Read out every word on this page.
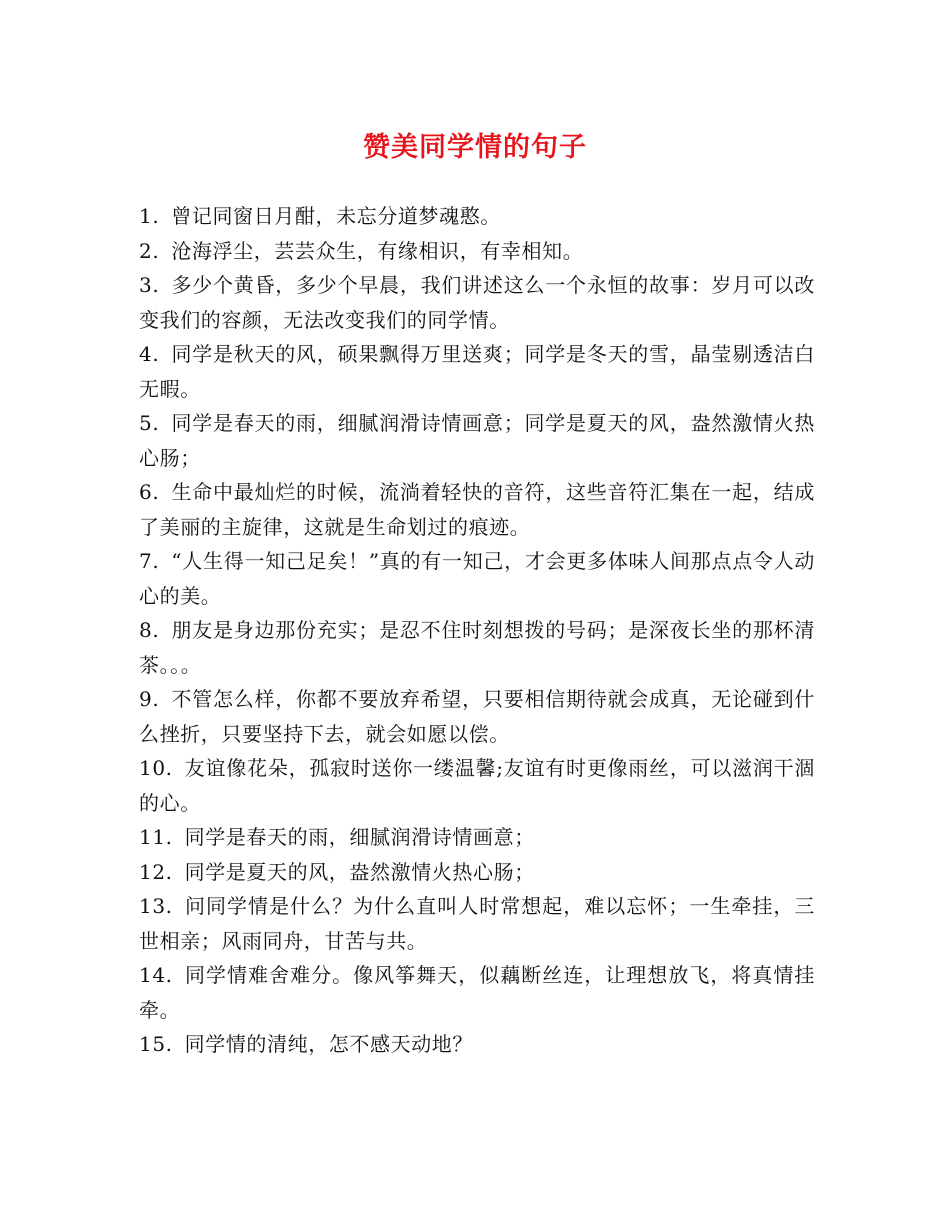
赞美同学情的句子

1. 曾记同窗日月酣，未忘分道梦魂憨。

2. 沧海浮尘，芸芸众生，有缘相识，有幸相知。

3. 多少个黄昏，多少个早晨，我们讲述这么一个永恒的故事：岁月可以改变我们的容颜，无法改变我们的同学情。

4. 同学是秋天的风，硕果飘得万里送爽；同学是冬天的雪，晶莹剔透洁白无暇。

5. 同学是春天的雨，细腻润滑诗情画意；同学是夏天的风，盎然激情火热心肠；

6. 生命中最灿烂的时候，流淌着轻快的音符，这些音符汇集在一起，结成了美丽的主旋律，这就是生命划过的痕迹。

7. “人生得一知己足矣！”真的有一知己，才会更多体味人间那点点令人动心的美。

8. 朋友是身边那份充实；是忍不住时刻想拨的号码；是深夜长坐的那杯清茶。。。

9. 不管怎么样，你都不要放弃希望，只要相信期待就会成真，无论碰到什么挫折，只要坚持下去，就会如愿以偿。

10. 友谊像花朵，孤寂时送你一缕温馨;友谊有时更像雨丝，可以滋润干涸的心。

11. 同学是春天的雨，细腻润滑诗情画意；

12. 同学是夏天的风，盎然激情火热心肠；

13. 问同学情是什么？为什么直叫人时常想起，难以忘怀；一生牵挂，三世相亲；风雨同舟，甘苦与共。

14. 同学情难舍难分。像风筝舞天，似藕断丝连，让理想放飞，将真情挂牵。

15. 同学情的清纯，怎不感天动地？
